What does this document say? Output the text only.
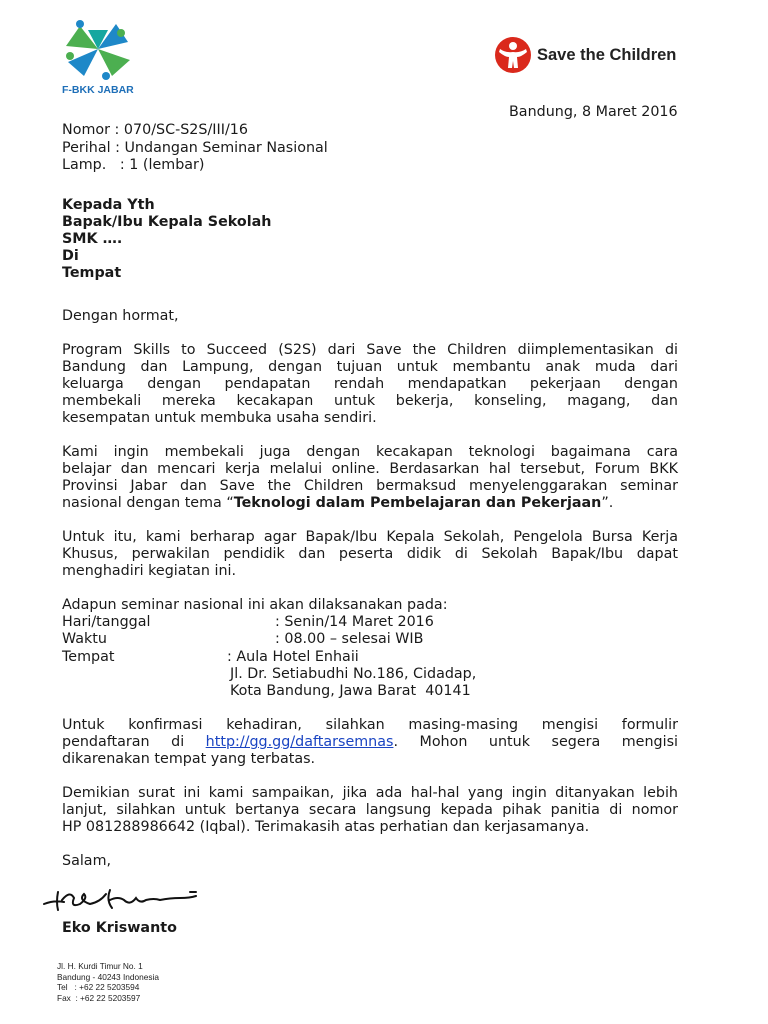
F-BKK JABAR
Save the Children
Bandung, 8 Maret 2016
Nomor : 070/SC-S2S/III/16
Perihal : Undangan Seminar Nasional
Lamp.   : 1 (lembar)
Kepada Yth
Bapak/Ibu Kepala Sekolah
SMK ….
Di
Tempat
Dengan hormat,
Program Skills to Succeed (S2S) dari Save the Children diimplementasikan di
Bandung dan Lampung, dengan tujuan untuk membantu anak muda dari
keluarga dengan pendapatan rendah mendapatkan pekerjaan dengan
membekali mereka kecakapan untuk bekerja, konseling, magang, dan
kesempatan untuk membuka usaha sendiri.
Kami ingin membekali juga dengan kecakapan teknologi bagaimana cara
belajar dan mencari kerja melalui online. Berdasarkan hal tersebut, Forum BKK
Provinsi Jabar dan Save the Children bermaksud menyelenggarakan seminar
nasional dengan tema “Teknologi dalam Pembelajaran dan Pekerjaan”.
Untuk itu, kami berharap agar Bapak/Ibu Kepala Sekolah, Pengelola Bursa Kerja
Khusus, perwakilan pendidik dan peserta didik di Sekolah Bapak/Ibu dapat
menghadiri kegiatan ini.
Adapun seminar nasional ini akan dilaksanakan pada:
Hari/tanggal	: Senin/14 Maret 2016
Waktu	: 08.00 – selesai WIB
Tempat	: Aula Hotel Enhaii
Jl. Dr. Setiabudhi No.186, Cidadap,
Kota Bandung, Jawa Barat  40141
Untuk konfirmasi kehadiran, silahkan masing-masing mengisi formulir
pendaftaran di http://gg.gg/daftarsemnas. Mohon untuk segera mengisi
dikarenakan tempat yang terbatas.
Demikian surat ini kami sampaikan, jika ada hal-hal yang ingin ditanyakan lebih
lanjut, silahkan untuk bertanya secara langsung kepada pihak panitia di nomor
HP 081288986642 (Iqbal). Terimakasih atas perhatian dan kerjasamanya.
Salam,
Eko Kriswanto
Jl. H. Kurdi Timur No. 1
Bandung - 40243 Indonesia
Tel   : +62 22 5203594
Fax  : +62 22 5203597
